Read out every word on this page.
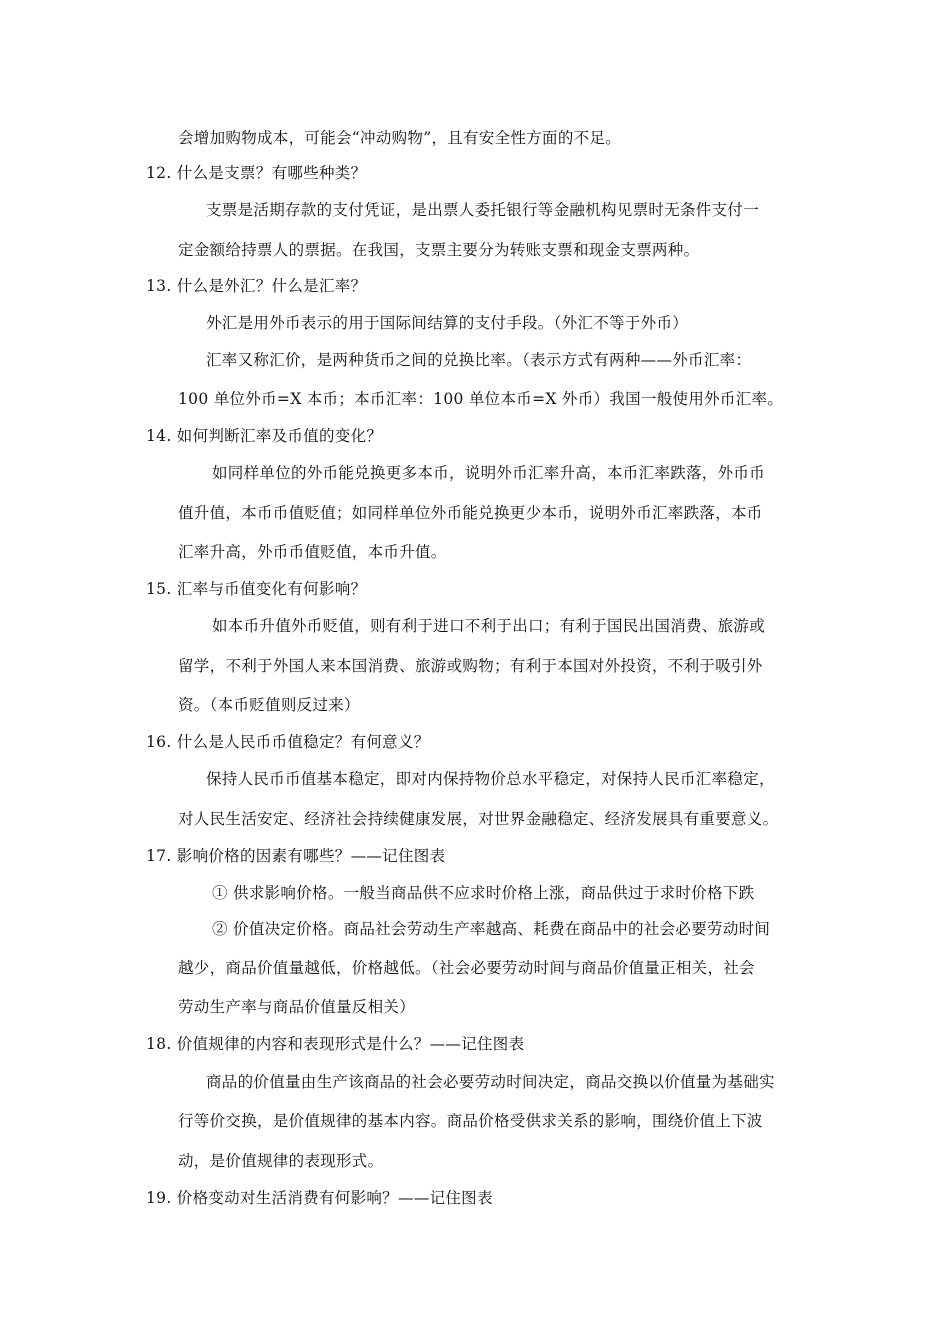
会增加购物成本，可能会“冲动购物”，且有安全性方面的不足。
12. 什么是支票？有哪些种类？
支票是活期存款的支付凭证，是出票人委托银行等金融机构见票时无条件支付一
定金额给持票人的票据。在我国，支票主要分为转账支票和现金支票两种。
13. 什么是外汇？什么是汇率？
外汇是用外币表示的用于国际间结算的支付手段。（外汇不等于外币）
汇率又称汇价，是两种货币之间的兑换比率。（表示方式有两种——外币汇率：
100 单位外币=X 本币；本币汇率：100 单位本币=X 外币）我国一般使用外币汇率。
14. 如何判断汇率及币值的变化？
如同样单位的外币能兑换更多本币，说明外币汇率升高，本币汇率跌落，外币币
值升值，本币币值贬值；如同样单位外币能兑换更少本币，说明外币汇率跌落，本币
汇率升高，外币币值贬值，本币升值。
15. 汇率与币值变化有何影响？
如本币升值外币贬值，则有利于进口不利于出口；有利于国民出国消费、旅游或
留学，不利于外国人来本国消费、旅游或购物；有利于本国对外投资，不利于吸引外
资。（本币贬值则反过来）
16. 什么是人民币币值稳定？有何意义？
保持人民币币值基本稳定，即对内保持物价总水平稳定，对保持人民币汇率稳定，
对人民生活安定、经济社会持续健康发展，对世界金融稳定、经济发展具有重要意义。
17. 影响价格的因素有哪些？——记住图表
① 供求影响价格。一般当商品供不应求时价格上涨，商品供过于求时价格下跌
② 价值决定价格。商品社会劳动生产率越高、耗费在商品中的社会必要劳动时间
越少，商品价值量越低，价格越低。（社会必要劳动时间与商品价值量正相关，社会
劳动生产率与商品价值量反相关）
18. 价值规律的内容和表现形式是什么？——记住图表
商品的价值量由生产该商品的社会必要劳动时间决定，商品交换以价值量为基础实
行等价交换，是价值规律的基本内容。商品价格受供求关系的影响，围绕价值上下波
动，是价值规律的表现形式。
19. 价格变动对生活消费有何影响？——记住图表
